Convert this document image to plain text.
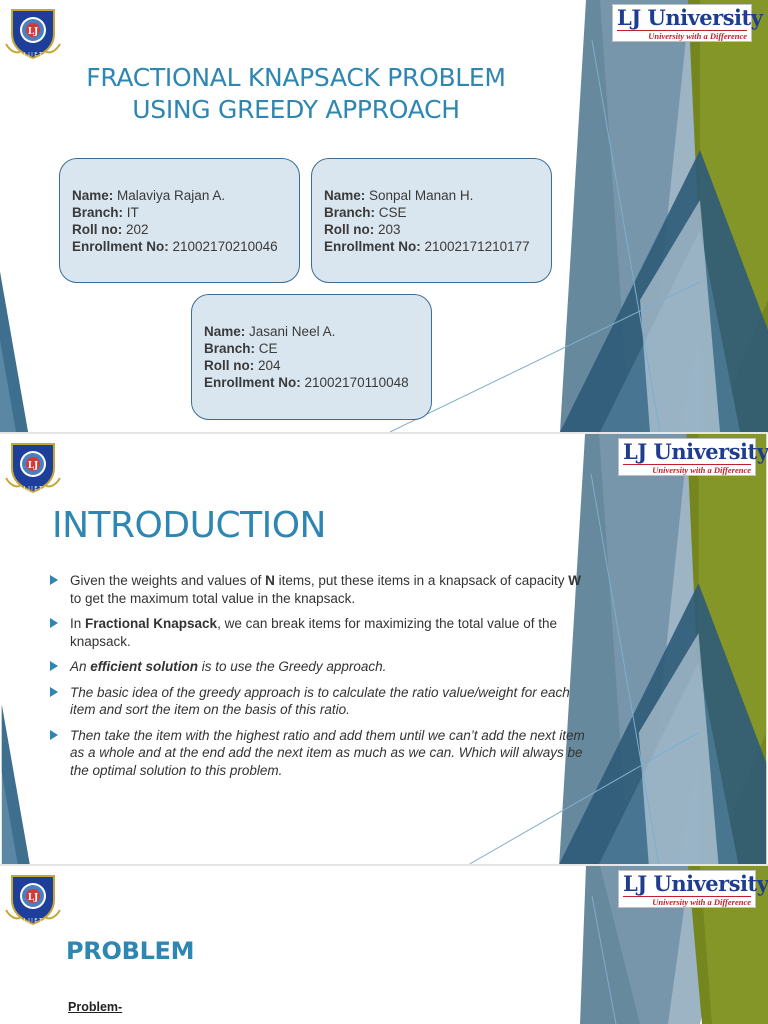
LJ
L J I E T
LJ University
University with a Difference
FRACTIONAL KNAPSACK PROBLEM
USING GREEDY APPROACH
Name: Malaviya Rajan A.
Branch: IT
Roll no: 202
Enrollment No: 21002170210046
Name: Sonpal Manan H.
Branch: CSE
Roll no: 203
Enrollment No: 21002171210177
Name: Jasani Neel A.
Branch: CE
Roll no: 204
Enrollment No: 21002170110048
LJ
L J I E T
LJ University
University with a Difference
INTRODUCTION
Given the weights and values of N items, put these items in a knapsack of capacity W to get the maximum total value in the knapsack.
In Fractional Knapsack, we can break items for maximizing the total value of the knapsack.
An efficient solution is to use the Greedy approach.
The basic idea of the greedy approach is to calculate the ratio value/weight for each item and sort the item on the basis of this ratio.
Then take the item with the highest ratio and add them until we can’t add the next item as a whole and at the end add the next item as much as we can. Which will always be the optimal solution to this problem.
LJ
L J I E T
LJ University
University with a Difference
PROBLEM
Problem-
